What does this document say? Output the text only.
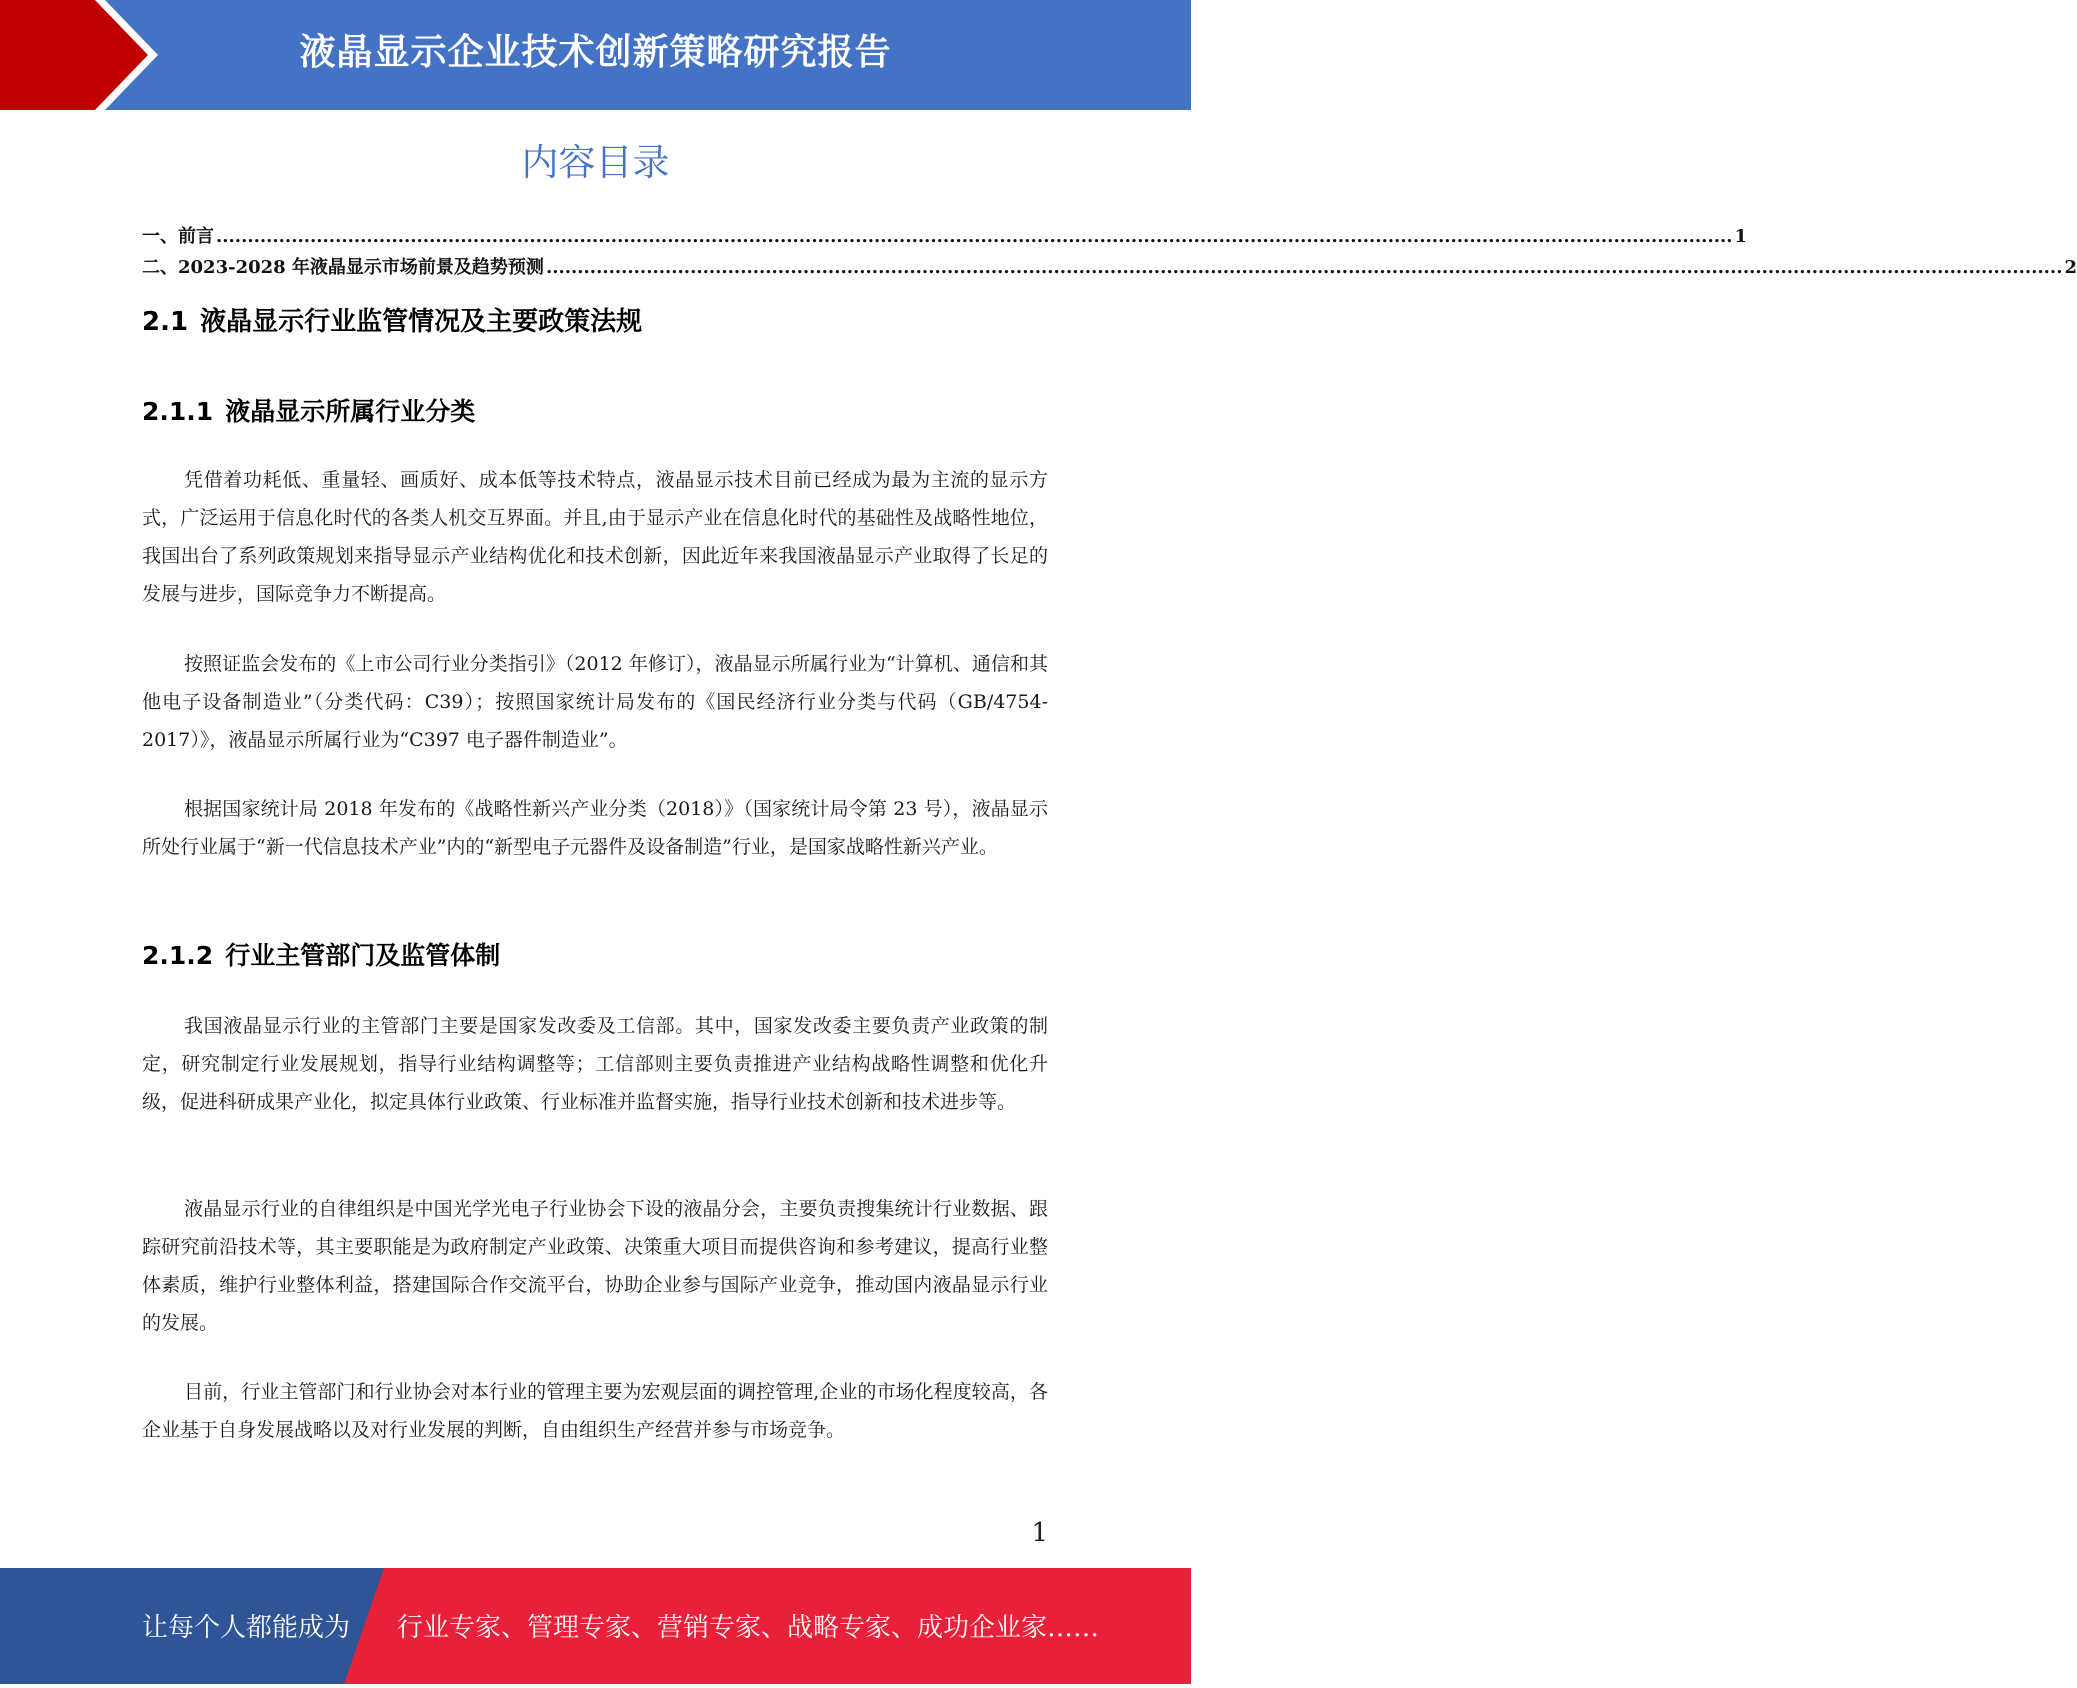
液晶显示企业技术创新策略研究报告
内容目录
一、前言 .................................................................................................................................................................................................................................................. 1
二、2023-2028 年液晶显示市场前景及趋势预测 .................................................................................................................................................................................................................................................. 2
2.1 液晶显示行业监管情况及主要政策法规
2.1.1 液晶显示所属行业分类

凭借着功耗低、重量轻、画质好、成本低等技术特点，液晶显示技术目前已经成为最为主流的显示方式，广泛运用于信息化时代的各类人机交互界面。并且,由于显示产业在信息化时代的基础性及战略性地位，我国出台了系列政策规划来指导显示产业结构优化和技术创新，因此近年来我国液晶显示产业取得了长足的发展与进步，国际竞争力不断提高。

按照证监会发布的《上市公司行业分类指引》（2012 年修订），液晶显示所属行业为“计算机、通信和其他电子设备制造业”（分类代码：C39）；按照国家统计局发布的《国民经济行业分类与代码（GB/4754-2017）》，液晶显示所属行业为“C397 电子器件制造业”。

根据国家统计局 2018 年发布的《战略性新兴产业分类（2018）》（国家统计局令第 23 号），液晶显示所处行业属于“新一代信息技术产业”内的“新型电子元器件及设备制造”行业，是国家战略性新兴产业。

2.1.2 行业主管部门及监管体制

我国液晶显示行业的主管部门主要是国家发改委及工信部。其中，国家发改委主要负责产业政策的制定，研究制定行业发展规划，指导行业结构调整等；工信部则主要负责推进产业结构战略性调整和优化升级，促进科研成果产业化，拟定具体行业政策、行业标准并监督实施，指导行业技术创新和技术进步等。

液晶显示行业的自律组织是中国光学光电子行业协会下设的液晶分会，主要负责搜集统计行业数据、跟踪研究前沿技术等，其主要职能是为政府制定产业政策、决策重大项目而提供咨询和参考建议，提高行业整体素质，维护行业整体利益，搭建国际合作交流平台，协助企业参与国际产业竞争，推动国内液晶显示行业的发展。

目前，行业主管部门和行业协会对本行业的管理主要为宏观层面的调控管理,企业的市场化程度较高，各企业基于自身发展战略以及对行业发展的判断，自由组织生产经营并参与市场竞争。

1
让每个人都能成为 行业专家、管理专家、营销专家、战略专家、成功企业家……
